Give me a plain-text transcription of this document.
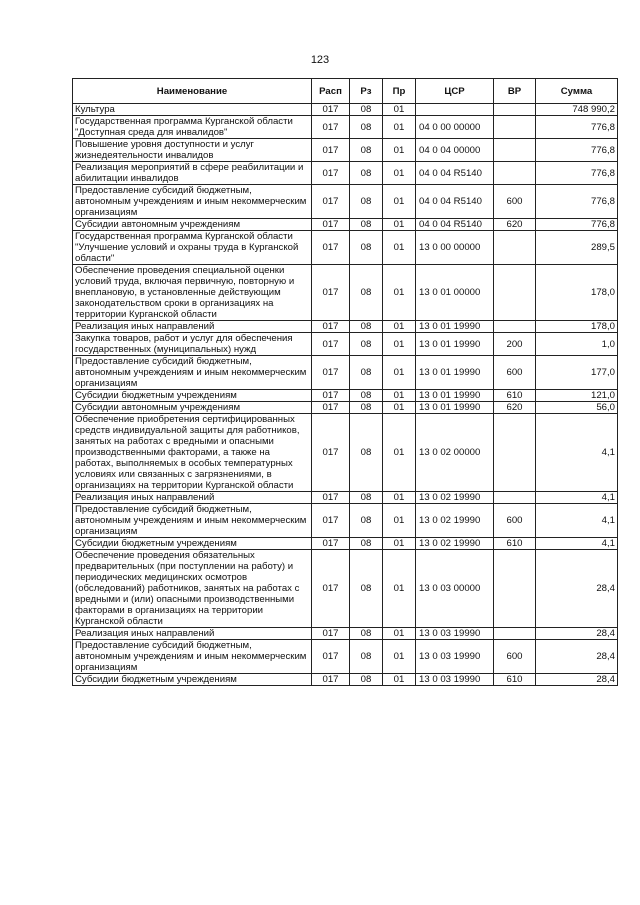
123
Наименование	Расп	Рз	Пр	ЦСР	ВР	Сумма
Культура	017	08	01			748 990,2
Государственная программа Курганской области "Доступная среда для инвалидов"	017	08	01	04 0 00 00000		776,8
Повышение уровня доступности и услуг жизнедеятельности инвалидов	017	08	01	04 0 04 00000		776,8
Реализация мероприятий в сфере реабилитации и абилитации инвалидов	017	08	01	04 0 04 R5140		776,8
Предоставление субсидий бюджетным, автономным учреждениям и иным некоммерческим организациям	017	08	01	04 0 04 R5140	600	776,8
Субсидии автономным учреждениям	017	08	01	04 0 04 R5140	620	776,8
Государственная программа Курганской области "Улучшение условий и охраны труда в Курганской области"	017	08	01	13 0 00 00000		289,5
Обеспечение проведения специальной оценки условий труда, включая первичную, повторную и внеплановую, в установленные действующим законодательством сроки в организациях на территории Курганской области	017	08	01	13 0 01 00000		178,0
Реализация иных направлений	017	08	01	13 0 01 19990		178,0
Закупка товаров, работ и услуг для обеспечения государственных (муниципальных) нужд	017	08	01	13 0 01 19990	200	1,0
Предоставление субсидий бюджетным, автономным учреждениям и иным некоммерческим организациям	017	08	01	13 0 01 19990	600	177,0
Субсидии бюджетным учреждениям	017	08	01	13 0 01 19990	610	121,0
Субсидии автономным учреждениям	017	08	01	13 0 01 19990	620	56,0
Обеспечение приобретения сертифицированных средств индивидуальной защиты для работников, занятых на работах с вредными и опасными производственными факторами, а также на работах, выполняемых в особых температурных условиях или связанных с загрязнениями, в организациях на территории Курганской области	017	08	01	13 0 02 00000		4,1
Реализация иных направлений	017	08	01	13 0 02 19990		4,1
Предоставление субсидий бюджетным, автономным учреждениям и иным некоммерческим организациям	017	08	01	13 0 02 19990	600	4,1
Субсидии бюджетным учреждениям	017	08	01	13 0 02 19990	610	4,1
Обеспечение проведения обязательных предварительных (при поступлении на работу) и периодических медицинских осмотров (обследований) работников, занятых на работах с вредными и (или) опасными производственными факторами в организациях на территории Курганской области	017	08	01	13 0 03 00000		28,4
Реализация иных направлений	017	08	01	13 0 03 19990		28,4
Предоставление субсидий бюджетным, автономным учреждениям и иным некоммерческим организациям	017	08	01	13 0 03 19990	600	28,4
Субсидии бюджетным учреждениям	017	08	01	13 0 03 19990	610	28,4
